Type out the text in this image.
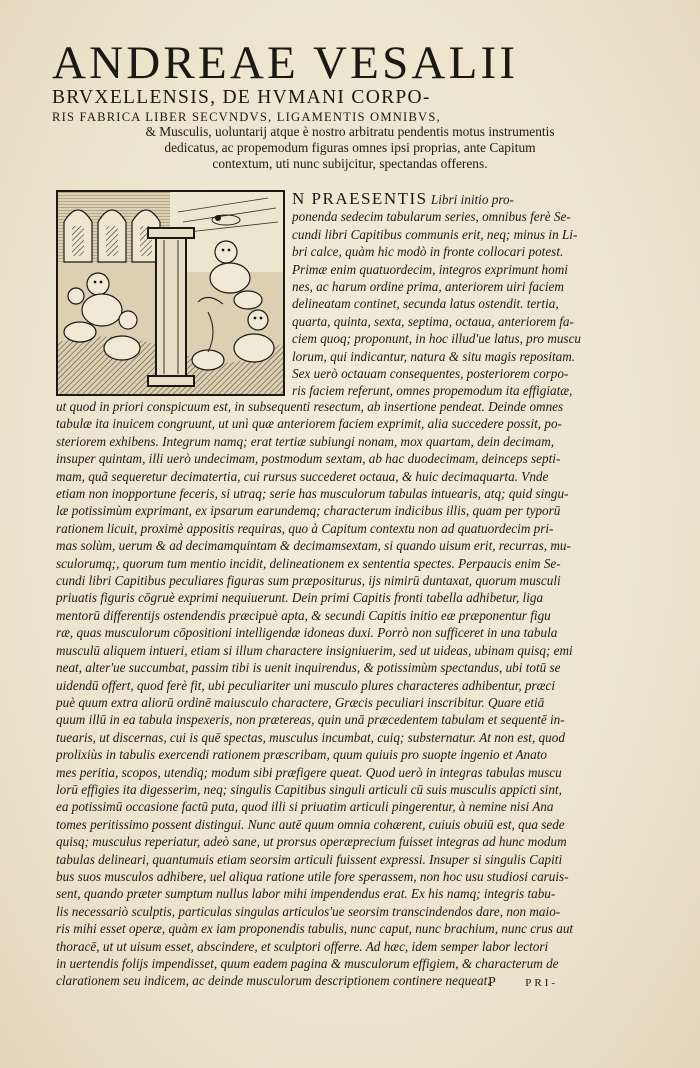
ANDREAE VESALII
BRVXELLENSIS, DE HVMANI CORPO-
RIS FABRICA LIBER SECVNDVS, LIGAMENTIS OMNIBVS,
& Musculis, uoluntarij atque è nostro arbitratu pendentis motus instrumentis
dedicatus, ac propemodum figuras omnes ipsi proprias, ante Capitum
contextum, uti nunc subijcitur, spectandas offerens.
N PRAESENTIS Libri initio pro-
ponenda sedecim tabularum series, omnibus ferè Se-
cundi libri Capitibus communis erit, neq; minus in Li-
bri calce, quàm hic modò in fronte collocari potest.
Primæ enim quatuordecim, integros exprimunt homi
nes, ac harum ordine prima, anteriorem uiri faciem
delineatam continet, secunda latus ostendit. tertia,
quarta, quinta, sexta, septima, octaua, anteriorem fa-
ciem quoq; proponunt, in hoc illud'ue latus, pro muscu
lorum, qui indicantur, natura & situ magis repositam.
Sex uerò octauam consequentes, posteriorem corpo-
ris faciem referunt, omnes propemodum ita effigiatæ,
ut quod in priori conspicuum est, in subsequenti resectum, ab insertione pendeat. Deinde omnes
tabulæ ita inuicem congruunt, ut unì quæ anteriorem faciem exprimit, alia succedere possit, po-
steriorem exhibens. Integrum namq; erat tertiæ subiungi nonam, mox quartam, dein decimam,
insuper quintam, illi uerò undecimam, postmodum sextam, ab hac duodecimam, deinceps septi-
mam, quã sequeretur decimatertia, cui rursus succederet octaua, & huic decimaquarta. Vnde
etiam non inopportune feceris, si utraq; serie has musculorum tabulas intuearis, atq; quid singu-
læ potissimùm exprimant, ex ipsarum earundemq; characterum indicibus illis, quam per typorū
rationem licuit, proximè appositis requiras, quo à Capitum contextu non ad quatuordecim pri-
mas solùm, uerum & ad decimamquintam & decimamsextam, si quando uisum erit, recurras, mu-
sculorumq;, quorum tum mentio incidit, delineationem ex sententia spectes. Perpaucis enim Se-
cundi libri Capitibus peculiares figuras sum præpositurus, ijs nimirū duntaxat, quorum musculi
priuatis figuris cōgruè exprimi nequiuerunt. Dein primi Capitis fronti tabella adhibetur, liga
mentorū differentijs ostendendis præcipuè apta, & secundi Capitis initio eæ præponentur figu
ræ, quas musculorum cōpositioni intelligendæ idoneas duxi. Porrò non sufficeret in una tabula
musculū aliquem intueri, etiam si illum charactere insigniuerim, sed ut uideas, ubinam quisq; emi
neat, alter'ue succumbat, passim tibi is uenit inquirendus, & potissimùm spectandus, ubi totū se
uidendū offert, quod ferè fit, ubi peculiariter uni musculo plures characteres adhibentur, præci
puè quum extra aliorū ordinē maiusculo charactere, Græcis peculiari inscribitur. Quare etiā
quum illū in ea tabula inspexeris, non prætereas, quin unā præcedentem tabulam et sequentē in-
tuearis, ut discernas, cui is quē spectas, musculus incumbat, cuiq; substernatur. At non est, quod
prolixiùs in tabulis exercendi rationem præscribam, quum quiuis pro suopte ingenio et Anato
mes peritia, scopos, utendiq; modum sibi præfigere queat. Quod uerò in integras tabulas muscu
lorū effigies ita digesserim, neq; singulis Capitibus singuli articuli cū suis musculis appicti sint,
ea potissimū occasione factū puta, quod illi si priuatim articuli pingerentur, à nemine nisi Ana
tomes peritissimo possent distingui. Nunc autē quum omnia cohærent, cuiuis obuiū est, qua sede
quisq; musculus reperiatur, adeò sane, ut prorsus operæprecium fuisset integras ad hunc modum
tabulas delineari, quantumuis etiam seorsim articuli fuissent expressi. Insuper si singulis Capiti
bus suos musculos adhibere, uel aliqua ratione utile fore sperassem, non hoc usu studiosi caruis-
sent, quando præter sumptum nullus labor mihi impendendus erat. Ex his namq; integris tabu-
lis necessariò sculptis, particulas singulas articulos'ue seorsim transcindendos dare, non maio-
ris mihi esset operæ, quàm ex iam proponendis tabulis, nunc caput, nunc brachium, nunc crus aut
thoracē, ut ut uisum esset, abscindere, et sculptori offerre. Ad hæc, idem semper labor lectori
in uertendis folijs impendisset, quum eadem pagina & musculorum effigiem, & characterum de
clarationem seu indicem, ac deinde musculorum descriptionem continere nequeat.
P PRI-
